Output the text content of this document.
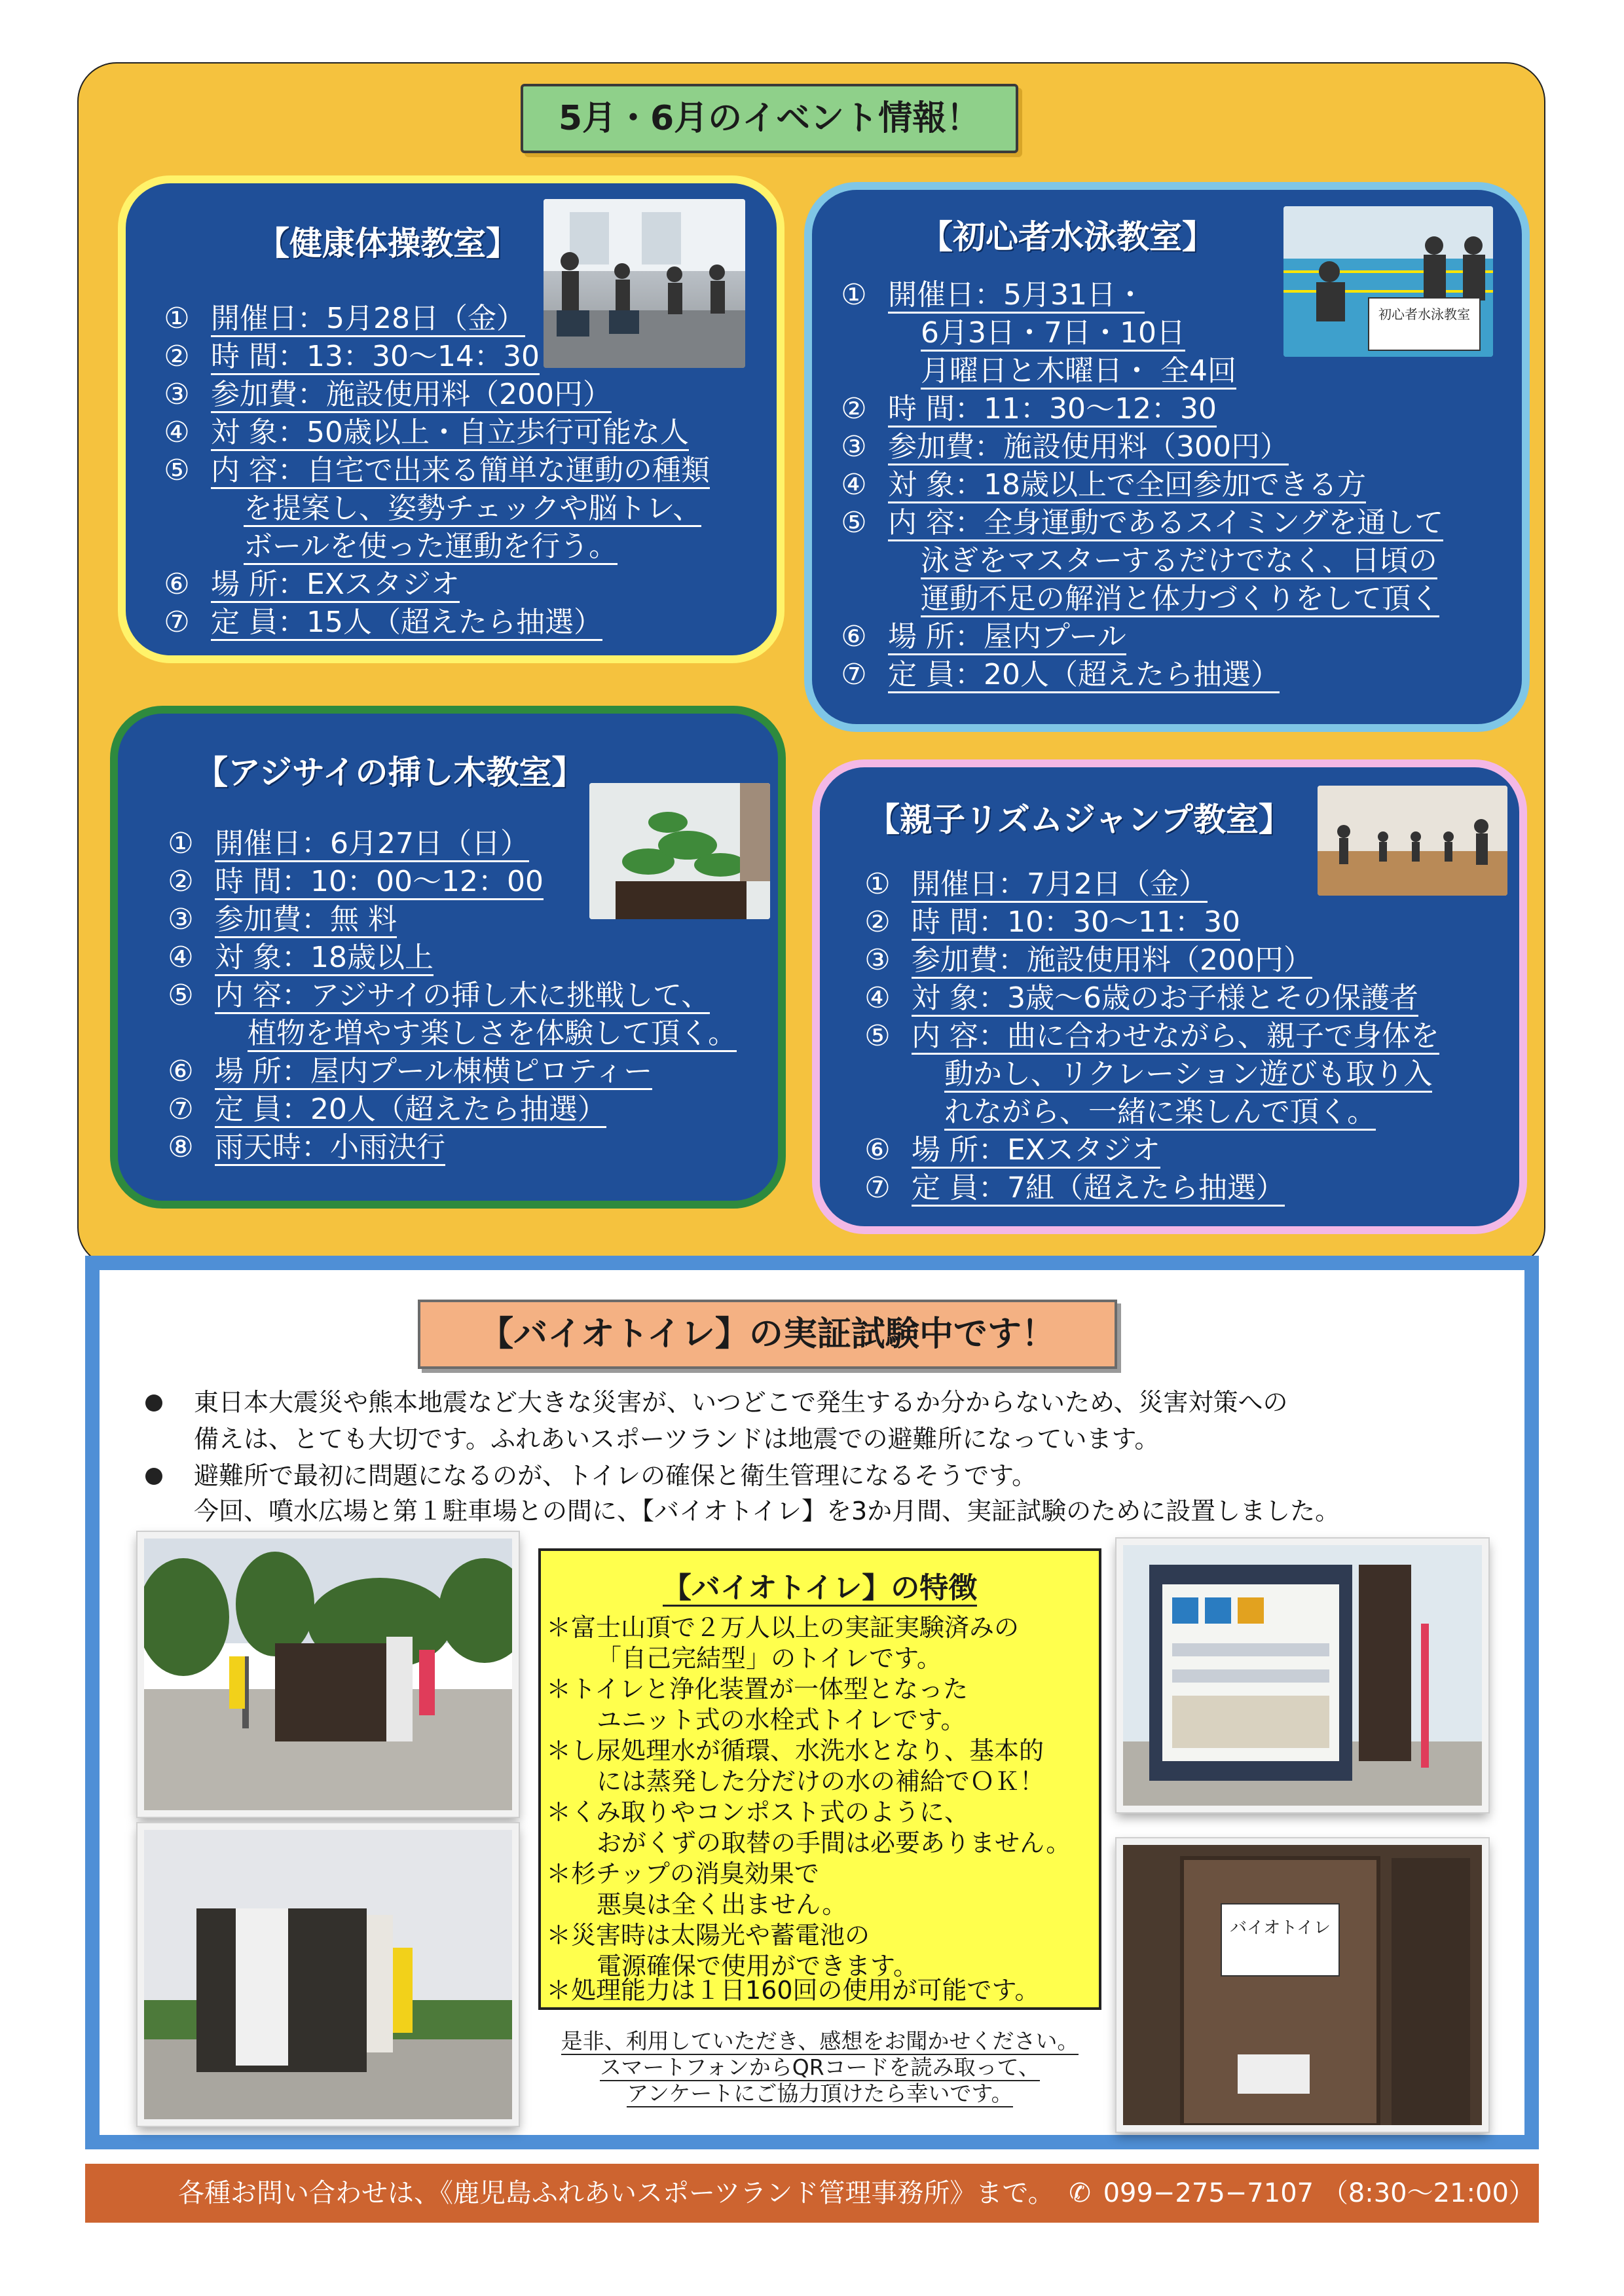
5月・6月のイベント情報！
【健康体操教室】
① 開催日：5月28日（金）
② 時 間：13：30〜14：30
③ 参加費：施設使用料（200円）
④ 対 象：50歳以上・自立歩行可能な人
⑤ 内 容：自宅で出来る簡単な運動の種類
を提案し、姿勢チェックや脳トレ、
ボールを使った運動を行う。
⑥ 場 所：EXスタジオ
⑦ 定 員：15人（超えたら抽選）
【初心者水泳教室】
初心者水泳教室
① 開催日：5月31日・
6月3日・7日・10日
月曜日と木曜日・ 全4回
② 時 間：11：30〜12：30
③ 参加費：施設使用料（300円）
④ 対 象：18歳以上で全回参加できる方
⑤ 内 容：全身運動であるスイミングを通して
泳ぎをマスターするだけでなく、日頃の
運動不足の解消と体力づくりをして頂く
⑥ 場 所：屋内プール
⑦ 定 員：20人（超えたら抽選）
【アジサイの挿し木教室】
① 開催日：6月27日（日）
② 時 間：10：00〜12：00
③ 参加費：無 料
④ 対 象：18歳以上
⑤ 内 容：アジサイの挿し木に挑戦して、
植物を増やす楽しさを体験して頂く。
⑥ 場 所：屋内プール棟横ピロティー
⑦ 定 員：20人（超えたら抽選）
⑧ 雨天時：小雨決行
【親子リズムジャンプ教室】
① 開催日：7月2日（金）
② 時 間：10：30〜11：30
③ 参加費：施設使用料（200円）
④ 対 象：3歳〜6歳のお子様とその保護者
⑤ 内 容：曲に合わせながら、親子で身体を
動かし、リクレーション遊びも取り入
れながら、一緒に楽しんで頂く。
⑥ 場 所：EXスタジオ
⑦ 定 員：7組（超えたら抽選）
【バイオトイレ】の実証試験中です！
東日本大震災や熊本地震など大きな災害が、いつどこで発生するか分からないため、災害対策への
備えは、とても大切です。ふれあいスポーツランドは地震での避難所になっています。
避難所で最初に問題になるのが、トイレの確保と衛生管理になるそうです。
今回、噴水広場と第１駐車場との間に、【バイオトイレ】を3か月間、実証試験のために設置しました。
【バイオトイレ】の特徴
＊富士山頂で２万人以上の実証実験済みの
「自己完結型」のトイレです。
＊トイレと浄化装置が一体型となった
ユニット式の水栓式トイレです。
＊し尿処理水が循環、水洗水となり、基本的
には蒸発した分だけの水の補給でＯＫ！
＊くみ取りやコンポスト式のように、
おがくずの取替の手間は必要ありません。
＊杉チップの消臭効果で
悪臭は全く出ません。
＊災害時は太陽光や蓄電池の
電源確保で使用ができます。
＊処理能力は１日160回の使用が可能です。
是非、利用していただき、感想をお聞かせください。
スマートフォンからQRコードを読み取って、
アンケートにご協力頂けたら幸いです。
バイオトイレ
各種お問い合わせは、《鹿児島ふれあいスポーツランド管理事務所》まで。 ✆ 099−275−7107 （8:30〜21:00）
